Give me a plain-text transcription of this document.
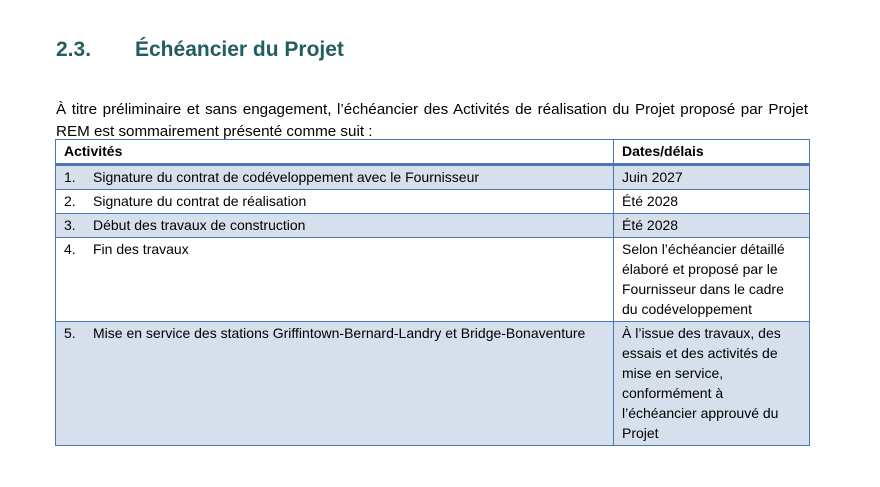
2.3. Échéancier du Projet

À titre préliminaire et sans engagement, l’échéancier des Activités de réalisation du Projet proposé par Projet REM est sommairement présenté comme suit :

Activités	Dates/délais

1. Signature du contrat de codéveloppement avec le Fournisseur	Juin 2027

2. Signature du contrat de réalisation	Été 2028

3. Début des travaux de construction	Été 2028

4. Fin des travaux	Selon l’échéancier détaillé élaboré et proposé par le Fournisseur dans le cadre du codéveloppement

5. Mise en service des stations Griffintown-Bernard-Landry et Bridge-Bonaventure	À l’issue des travaux, des essais et des activités de mise en service, conformément à l’échéancier approuvé du Projet
